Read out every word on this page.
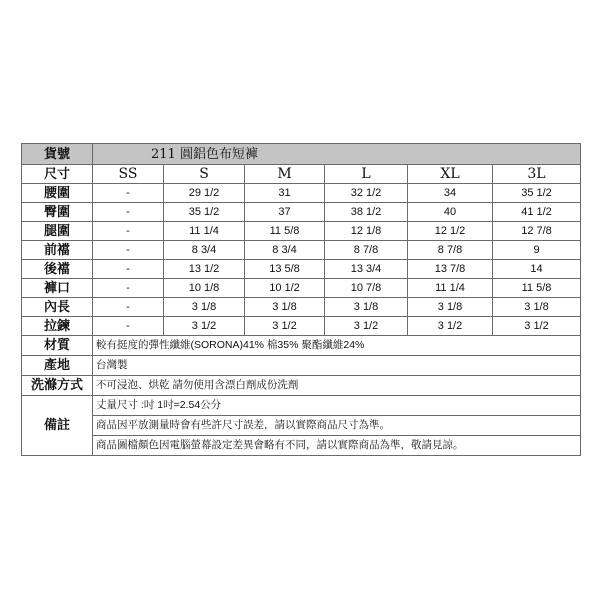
貨號	211 圓鋁色布短褲					
尺寸	SS	S	M	L	XL	3L
腰圍	-	29 1/2	31	32 1/2	34	35 1/2
臀圍	-	35 1/2	37	38 1/2	40	41 1/2
腿圍	-	11 1/4	11 5/8	12 1/8	12 1/2	12 7/8
前襠	-	8 3/4	8 3/4	8 7/8	8 7/8	9
後襠	-	13 1/2	13 5/8	13 3/4	13 7/8	14
褲口	-	10 1/8	10 1/2	10 7/8	11 1/4	11 5/8
內長	-	3 1/8	3 1/8	3 1/8	3 1/8	3 1/8
拉鍊	-	3 1/2	3 1/2	3 1/2	3 1/2	3 1/2
材質	較有挺度的彈性纖維(SORONA)41% 棉35% 聚酯纖維24%					
產地	台灣製					
洗滌方式	不可浸泡、烘乾 請勿使用含漂白劑成份洗劑					
備註	丈量尺寸 :吋 1吋=2.54公分					
	商品因平放測量時會有些許尺寸誤差，請以實際商品尺寸為準。					
	商品圖檔顏色因電腦螢幕設定差異會略有不同，請以實際商品為準，敬請見諒。					
